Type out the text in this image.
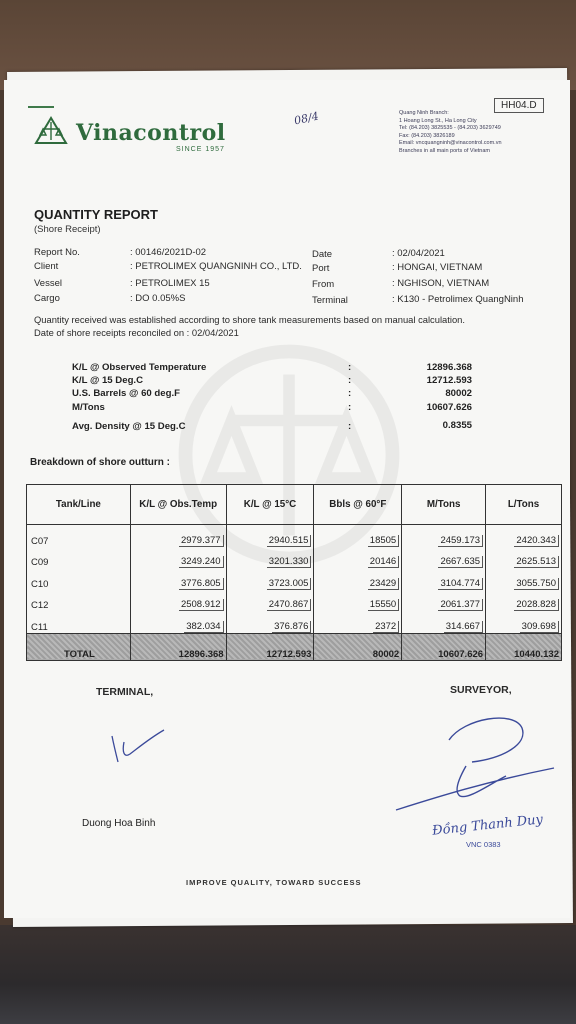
HH04.D
Vinacontrol
SINCE 1957
08/4	Quang Ninh Branch:
1 Hoang Long St., Ha Long City
Tel: (84.203) 3825535 - (84.203) 3629749
Fax: (84.203) 3826189
Email: vncquangninh@vinacontrol.com.vn
Branches in all main ports of Vietnam
QUANTITY REPORT
(Shore Receipt)
Report No.	: 00146/2021D-02
Client	: PETROLIMEX QUANGNINH CO., LTD.
Vessel	: PETROLIMEX 15
Cargo	: DO 0.05%S
Date	: 02/04/2021
Port	: HONGAI, VIETNAM
From	: NGHISON, VIETNAM
Terminal	: K130 - Petrolimex QuangNinh
Quantity received was established according to shore tank measurements based on manual calculation.
Date of shore receipts reconciled on : 02/04/2021
K/L @ Observed Temperature	:	12896.368
K/L @ 15 Deg.C	:	12712.593
U.S. Barrels @ 60 deg.F	:	80002
M/Tons	:	10607.626
Avg. Density @ 15 Deg.C	:	0.8355
Breakdown of shore outturn :
Tank/Line	K/L @ Obs.Temp	K/L @ 15°C	Bbls @ 60°F	M/Tons	L/Tons
C07	2979.377	2940.515	18505	2459.173	2420.343
C09	3249.240	3201.330	20146	2667.635	2625.513
C10	3776.805	3723.005	23429	3104.774	3055.750
C12	2508.912	2470.867	15550	2061.377	2028.828
C11	382.034	376.876	2372	314.667	309.698
TOTAL	12896.368	12712.593	80002	10607.626	10440.132
TERMINAL,	SURVEYOR,
Duong Hoa Binh	Đồng Thanh Duy
VNC 0383
IMPROVE QUALITY, TOWARD SUCCESS
